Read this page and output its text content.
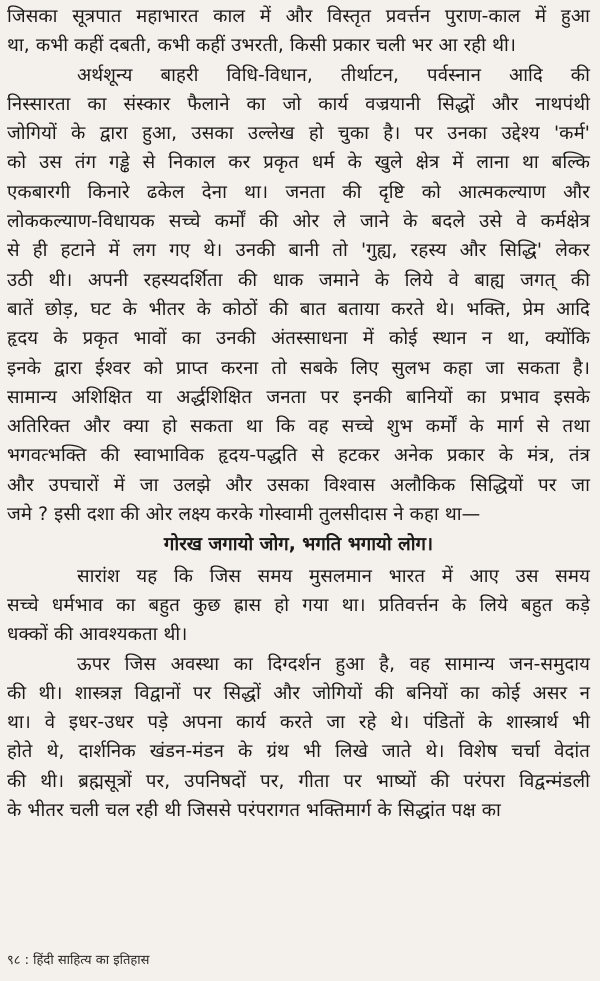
जिसका सूत्रपात महाभारत काल में और विस्तृत प्रवर्त्तन पुराण-काल में हुआ
था, कभी कहीं दबती, कभी कहीं उभरती, किसी प्रकार चली भर आ रही थी।

अर्थशून्य बाहरी विधि-विधान, तीर्थाटन, पर्वस्नान आदि की
निस्सारता का संस्कार फैलाने का जो कार्य वज्रयानी सिद्धों और नाथपंथी
जोगियों के द्वारा हुआ, उसका उल्लेख हो चुका है। पर उनका उद्देश्य 'कर्म'
को उस तंग गड्ढे से निकाल कर प्रकृत धर्म के खुले क्षेत्र में लाना था बल्कि
एकबारगी किनारे ढकेल देना था। जनता की दृष्टि को आत्मकल्याण और
लोककल्याण-विधायक सच्चे कर्मों की ओर ले जाने के बदले उसे वे कर्मक्षेत्र
से ही हटाने में लग गए थे। उनकी बानी तो 'गुह्य, रहस्य और सिद्धि' लेकर
उठी थी। अपनी रहस्यदर्शिता की धाक जमाने के लिये वे बाह्य जगत् की
बातें छोड़, घट के भीतर के कोठों की बात बताया करते थे। भक्ति, प्रेम आदि
हृदय के प्रकृत भावों का उनकी अंतस्साधना में कोई स्थान न था, क्योंकि
इनके द्वारा ईश्वर को प्राप्त करना तो सबके लिए सुलभ कहा जा सकता है।
सामान्य अशिक्षित या अर्द्धशिक्षित जनता पर इनकी बानियों का प्रभाव इसके
अतिरिक्त और क्या हो सकता था कि वह सच्चे शुभ कर्मों के मार्ग से तथा
भगवत्भक्ति की स्वाभाविक हृदय-पद्धति से हटकर अनेक प्रकार के मंत्र, तंत्र
और उपचारों में जा उलझे और उसका विश्वास अलौकिक सिद्धियों पर जा
जमे ? इसी दशा की ओर लक्ष्य करके गोस्वामी तुलसीदास ने कहा था—

गोरख जगायो जोग, भगति भगायो लोग।

सारांश यह कि जिस समय मुसलमान भारत में आए उस समय
सच्चे धर्मभाव का बहुत कुछ ह्रास हो गया था। प्रतिवर्त्तन के लिये बहुत कड़े
धक्कों की आवश्यकता थी।

ऊपर जिस अवस्था का दिग्दर्शन हुआ है, वह सामान्य जन-समुदाय
की थी। शास्त्रज्ञ विद्वानों पर सिद्धों और जोगियों की बनियों का कोई असर न
था। वे इधर-उधर पड़े अपना कार्य करते जा रहे थे। पंडितों के शास्त्रार्थ भी
होते थे, दार्शनिक खंडन-मंडन के ग्रंथ भी लिखे जाते थे। विशेष चर्चा वेदांत
की थी। ब्रह्मसूत्रों पर, उपनिषदों पर, गीता पर भाष्यों की परंपरा विद्वन्मंडली
के भीतर चली चल रही थी जिससे परंपरागत भक्तिमार्ग के सिद्धांत पक्ष का

९८ : हिंदी साहित्य का इतिहास
